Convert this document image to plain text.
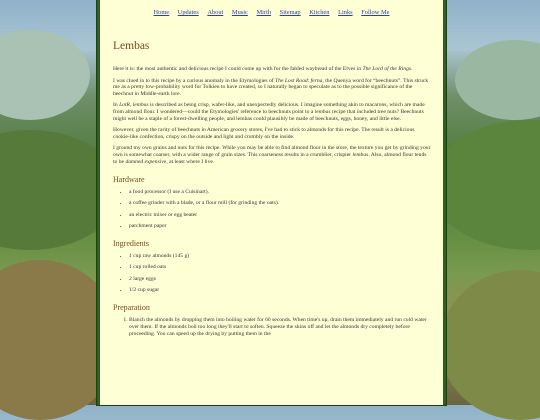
Home Updates About Music Mirth Sitemap Kitchen Links Follow Me
Lembas

Here it is: the most authentic and delicious recipe I could come up with for the fabled waybread of the Elves in The Lord of the Rings.

I was clued in to this recipe by a curious anomaly in the Etymologies of The Lost Road: ferna, the Quenya word for “beechnuts”. This struck me as a pretty low-probability word for Tolkien to have created, so I naturally began to speculate as to the possible significance of the beechnut in Middle-earth lore.

In LotR, lembas is described as being crisp, wafer-like, and unexpectedly delicious. I imagine something akin to macarons, which are made from almond flour. I wondered—could the Etymologies' reference to beechnuts point to a lembas recipe that included tree nuts? Beechnuts might well be a staple of a forest-dwelling people, and lembas could plausibly be made of beechnuts, eggs, honey, and little else.

However, given the rarity of beechnuts in American grocery stores, I've had to stick to almonds for this recipe. The result is a delicious cookie-like confection, crispy on the outside and light and crumbly on the inside.

I ground my own grains and nuts for this recipe. While you may be able to find almond flour in the store, the texture you get by grinding your own is somewhat coarser, with a wider range of grain sizes. This coarseness results in a crumblier, crispier lembas. Also, almond flour tends to be damned expensive, at least where I live.

Hardware
• a food processor (I use a Cuisinart).
• a coffee grinder with a blade, or a flour mill (for grinding the oats).
• an electric mixer or egg beater
• parchment paper
Ingredients
• 1 cup raw almonds (145 g)
• 1 cup rolled oats
• 2 large eggs
• 1/2 cup sugar
Preparation
1. Blanch the almonds by dropping them into boiling water for 60 seconds. When time's up, drain them immediately and run cold water over them. If the almonds boil too long they'll start to soften. Squeeze the skins off and let the almonds dry completely before proceeding. You can speed up the drying by putting them in the
